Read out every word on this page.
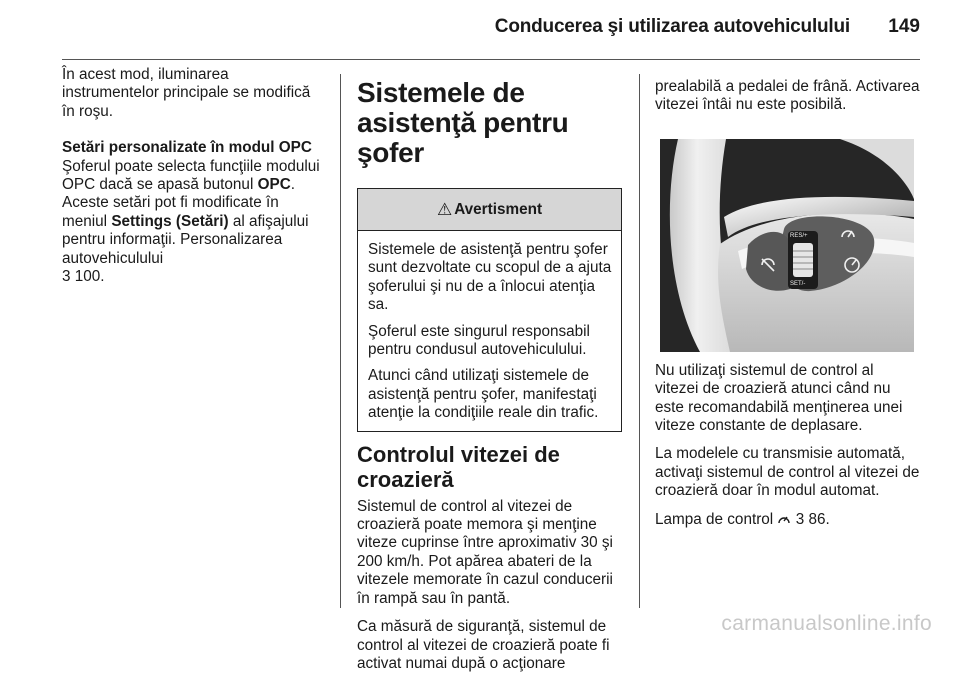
Conducerea şi utilizarea autovehiculului 149

În acest mod, iluminarea instrumentelor principale se modifică în roşu.

Setări personalizate în modul OPC

Şoferul poate selecta funcţiile modului OPC dacă se apasă butonul OPC. Aceste setări pot fi modificate în meniul Settings (Setări) al afişajului pentru informaţii. Personalizarea autovehiculului
3 100.

Sistemele de asistenţă pentru şofer
⚠ Avertisment

Sistemele de asistenţă pentru şofer sunt dezvoltate cu scopul de a ajuta şoferului şi nu de a înlocui atenţia sa.

Şoferul este singurul responsabil pentru condusul autovehiculului.

Atunci când utilizaţi sistemele de asistenţă pentru şofer, manifestaţi atenţie la condiţiile reale din trafic.

Controlul vitezei de croazieră

Sistemul de control al vitezei de croazieră poate memora şi menţine viteze cuprinse între aproximativ 30 şi 200 km/h. Pot apărea abateri de la vitezele memorate în cazul conducerii în rampă sau în pantă.

Ca măsură de siguranţă, sistemul de control al vitezei de croazieră poate fi activat numai după o acţionare

prealabilă a pedalei de frână. Activarea vitezei întâi nu este posibilă.

RES/+
SET/-

Nu utilizaţi sistemul de control al vitezei de croazieră atunci când nu este recomandabilă menţinerea unei viteze constante de deplasare.

La modelele cu transmisie automată, activaţi sistemul de control al vitezei de croazieră doar în modul automat.

Lampa de control 3 86.

carmanualsonline.info
